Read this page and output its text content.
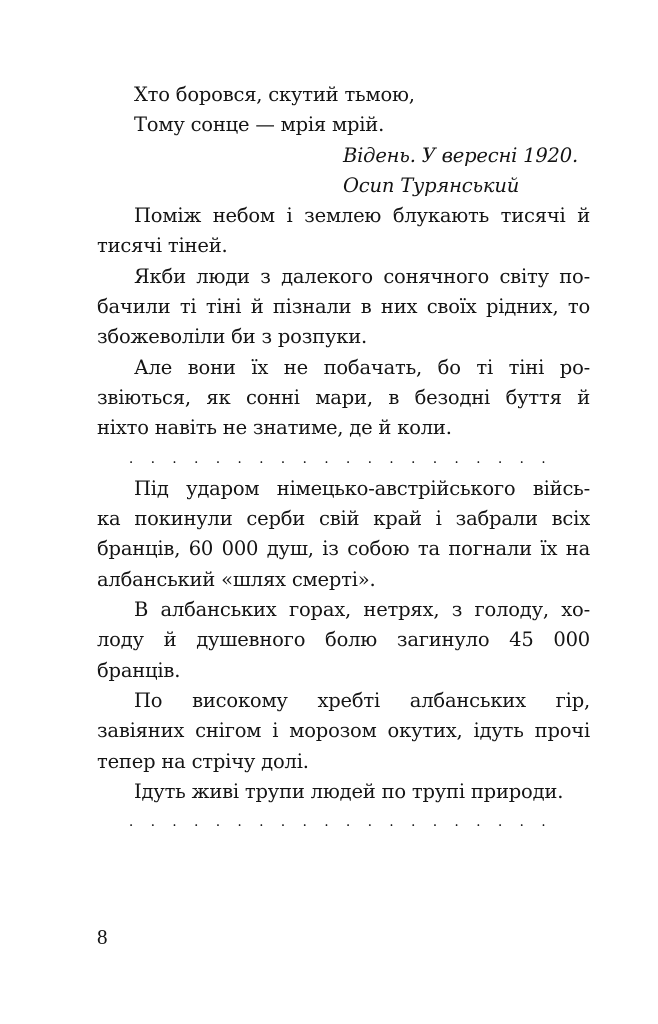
Хто боровся, скутий тьмою,
Тому сонце — мрія мрій.
Відень. У вересні 1920.
Осип Турянський
Поміж небом і землею блукають тисячі й
тисячі тіней.
Якби люди з далекого сонячного світу по-
бачили ті тіні й пізнали в них своїх рідних, то
збожеволіли би з розпуки.
Але вони їх не побачать, бо ті тіні ро-
звіються, як сонні мари, в безодні буття й
ніхто навіть не знатиме, де й коли.
. . . . . . . . . . . . . . . . . . . .
Під ударом німецько-австрійського війсь-
ка покинули серби свій край і забрали всіх
бранців, 60 000 душ, із собою та погнали їх на
албанський «шлях смерті».
В албанських горах, нетрях, з голоду, хо-
лоду й душевного болю загинуло 45 000
бранців.
По високому хребті албанських гір,
завіяних снігом і морозом окутих, ідуть прочі
тепер на стрічу долі.
Ідуть живі трупи людей по трупі природи.
. . . . . . . . . . . . . . . . . . . .
8
